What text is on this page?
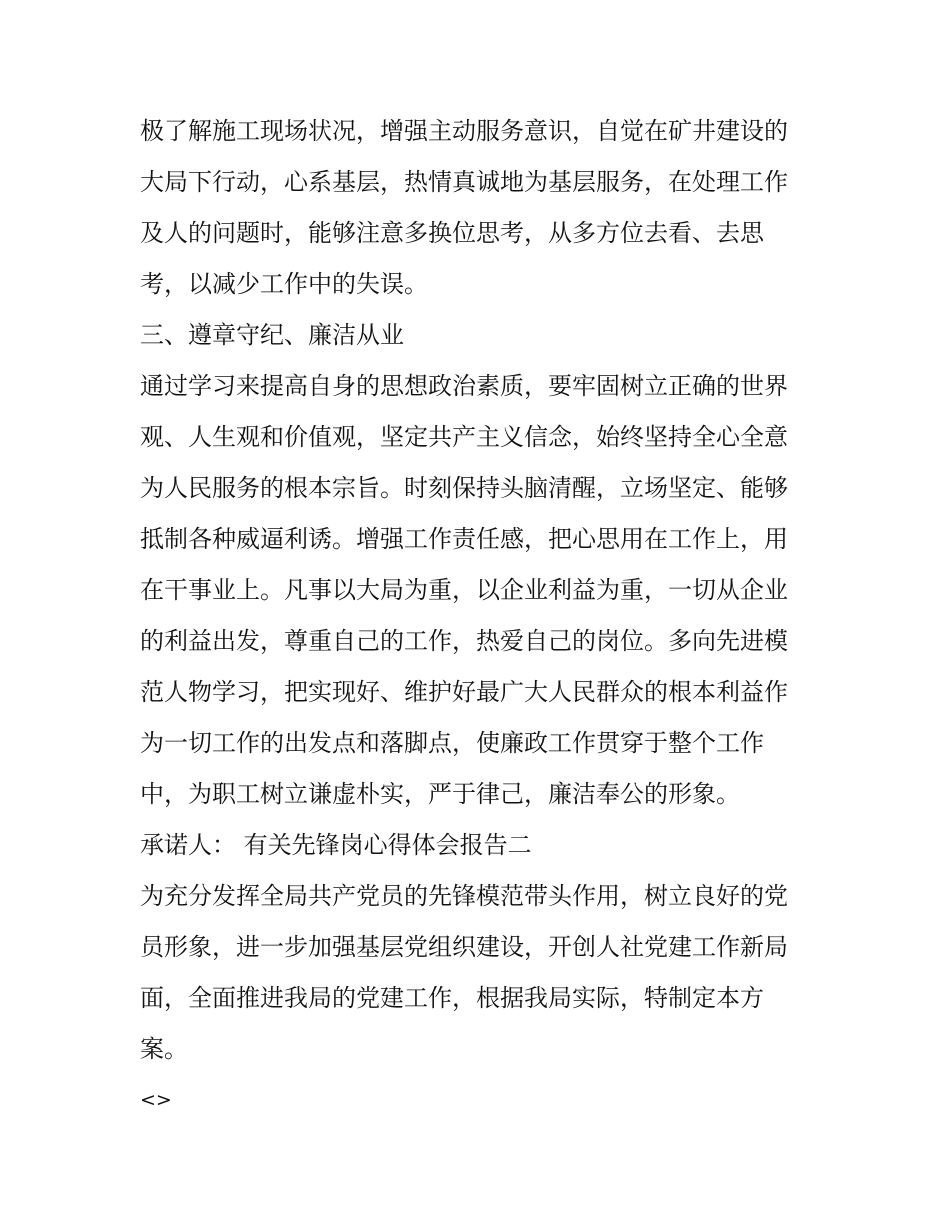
极了解施工现场状况，增强主动服务意识，自觉在矿井建设的
大局下行动，心系基层，热情真诚地为基层服务，在处理工作
及人的问题时，能够注意多换位思考，从多方位去看、去思
考，以减少工作中的失误。
三、遵章守纪、廉洁从业
通过学习来提高自身的思想政治素质，要牢固树立正确的世界
观、人生观和价值观，坚定共产主义信念，始终坚持全心全意
为人民服务的根本宗旨。时刻保持头脑清醒，立场坚定、能够
抵制各种威逼利诱。增强工作责任感，把心思用在工作上，用
在干事业上。凡事以大局为重，以企业利益为重，一切从企业
的利益出发，尊重自己的工作，热爱自己的岗位。多向先进模
范人物学习，把实现好、维护好最广大人民群众的根本利益作
为一切工作的出发点和落脚点，使廉政工作贯穿于整个工作
中，为职工树立谦虚朴实，严于律己，廉洁奉公的形象。
承诺人： 有关先锋岗心得体会报告二
为充分发挥全局共产党员的先锋模范带头作用，树立良好的党
员形象，进一步加强基层党组织建设，开创人社党建工作新局
面，全面推进我局的党建工作，根据我局实际，特制定本方
案。
<>
